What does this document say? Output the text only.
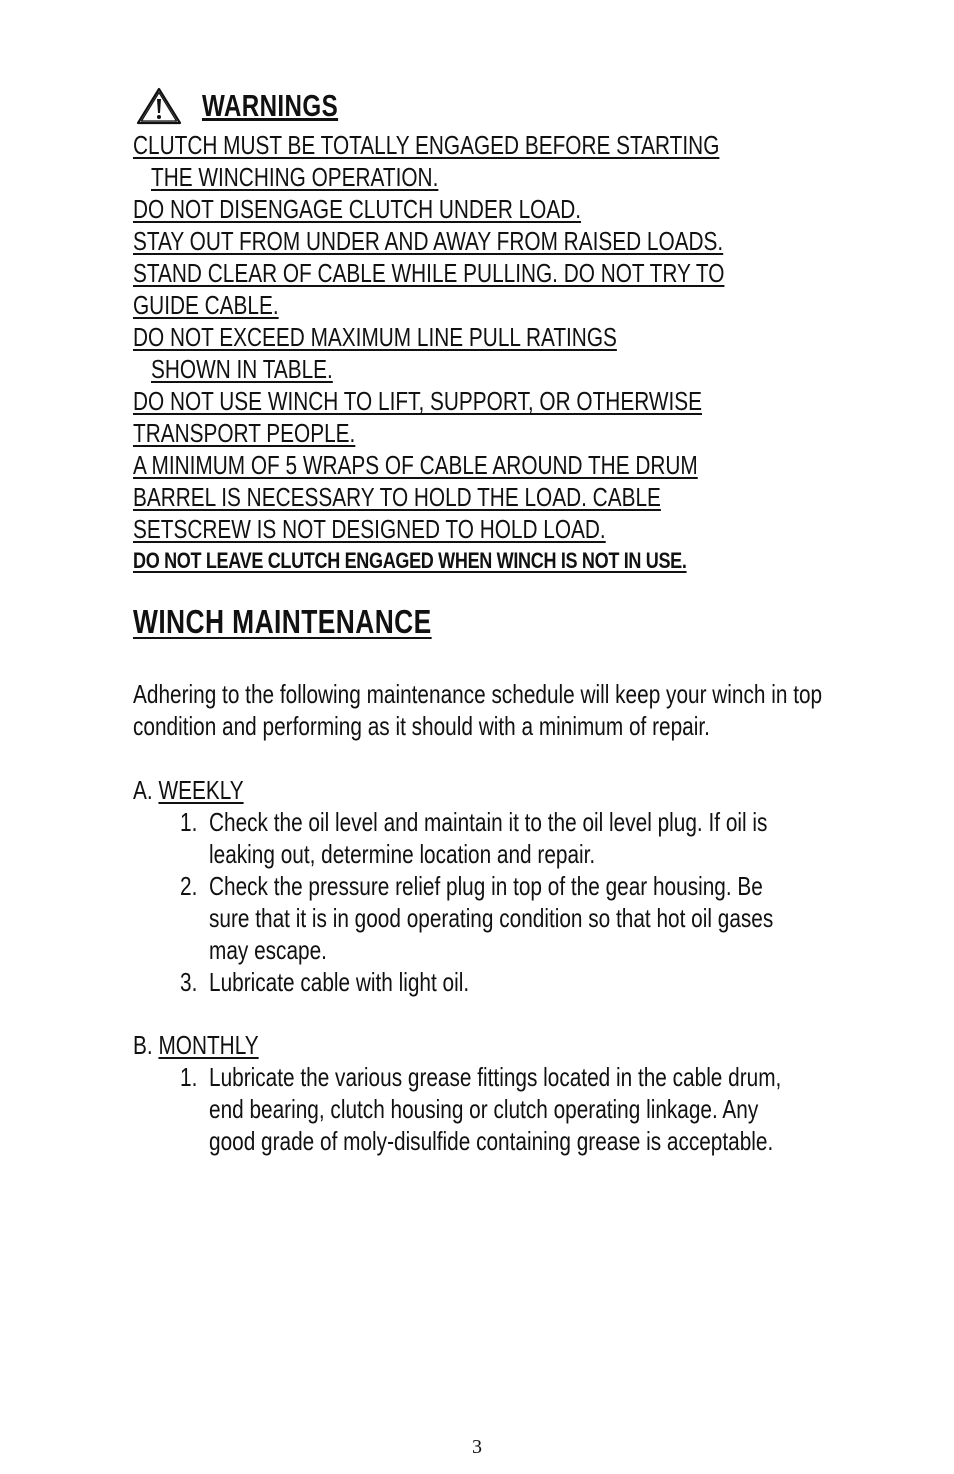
WARNINGS
CLUTCH MUST BE TOTALLY ENGAGED BEFORE STARTING
THE WINCHING OPERATION.
DO NOT DISENGAGE CLUTCH UNDER LOAD.
STAY OUT FROM UNDER AND AWAY FROM RAISED LOADS.
STAND CLEAR OF CABLE WHILE PULLING. DO NOT TRY TO
GUIDE CABLE.
DO NOT EXCEED MAXIMUM LINE PULL RATINGS
SHOWN IN TABLE.
DO NOT USE WINCH TO LIFT, SUPPORT, OR OTHERWISE
TRANSPORT PEOPLE.
A MINIMUM OF 5 WRAPS OF CABLE AROUND THE DRUM
BARREL IS NECESSARY TO HOLD THE LOAD. CABLE
SETSCREW IS NOT DESIGNED TO HOLD LOAD.
DO NOT LEAVE CLUTCH ENGAGED WHEN WINCH IS NOT IN USE.
WINCH MAINTENANCE
Adhering to the following maintenance schedule will keep your winch in top
condition and performing as it should with a minimum of repair.
A. WEEKLY
1. Check the oil level and maintain it to the oil level plug. If oil is
leaking out, determine location and repair.
2. Check the pressure relief plug in top of the gear housing. Be
sure that it is in good operating condition so that hot oil gases
may escape.
3. Lubricate cable with light oil.
B. MONTHLY
1. Lubricate the various grease fittings located in the cable drum,
end bearing, clutch housing or clutch operating linkage. Any
good grade of moly-disulfide containing grease is acceptable.
3
